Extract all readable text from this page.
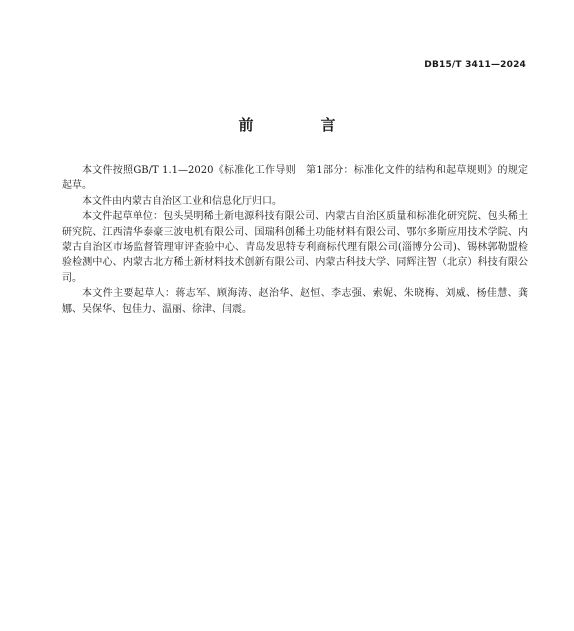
DB15/T 3411—2024
前　言

本文件按照GB/T 1.1—2020《标准化工作导则　第1部分：标准化文件的结构和起草规则》的规定起草。

本文件由内蒙古自治区工业和信息化厅归口。

本文件起草单位：包头昊明稀土新电源科技有限公司、内蒙古自治区质量和标准化研究院、包头稀土研究院、江西清华泰豪三波电机有限公司、国瑞科创稀土功能材料有限公司、鄂尔多斯应用技术学院、内蒙古自治区市场监督管理审评查验中心、青岛发思特专利商标代理有限公司(淄博分公司)、锡林郭勒盟检验检测中心、内蒙古北方稀土新材料技术创新有限公司、内蒙古科技大学、同辉注智（北京）科技有限公司。

本文件主要起草人：蒋志军、顾海涛、赵治华、赵恒、李志强、索妮、朱晓梅、刘威、杨佳慧、龚娜、吴保华、包佳力、温丽、徐津、闫震。
